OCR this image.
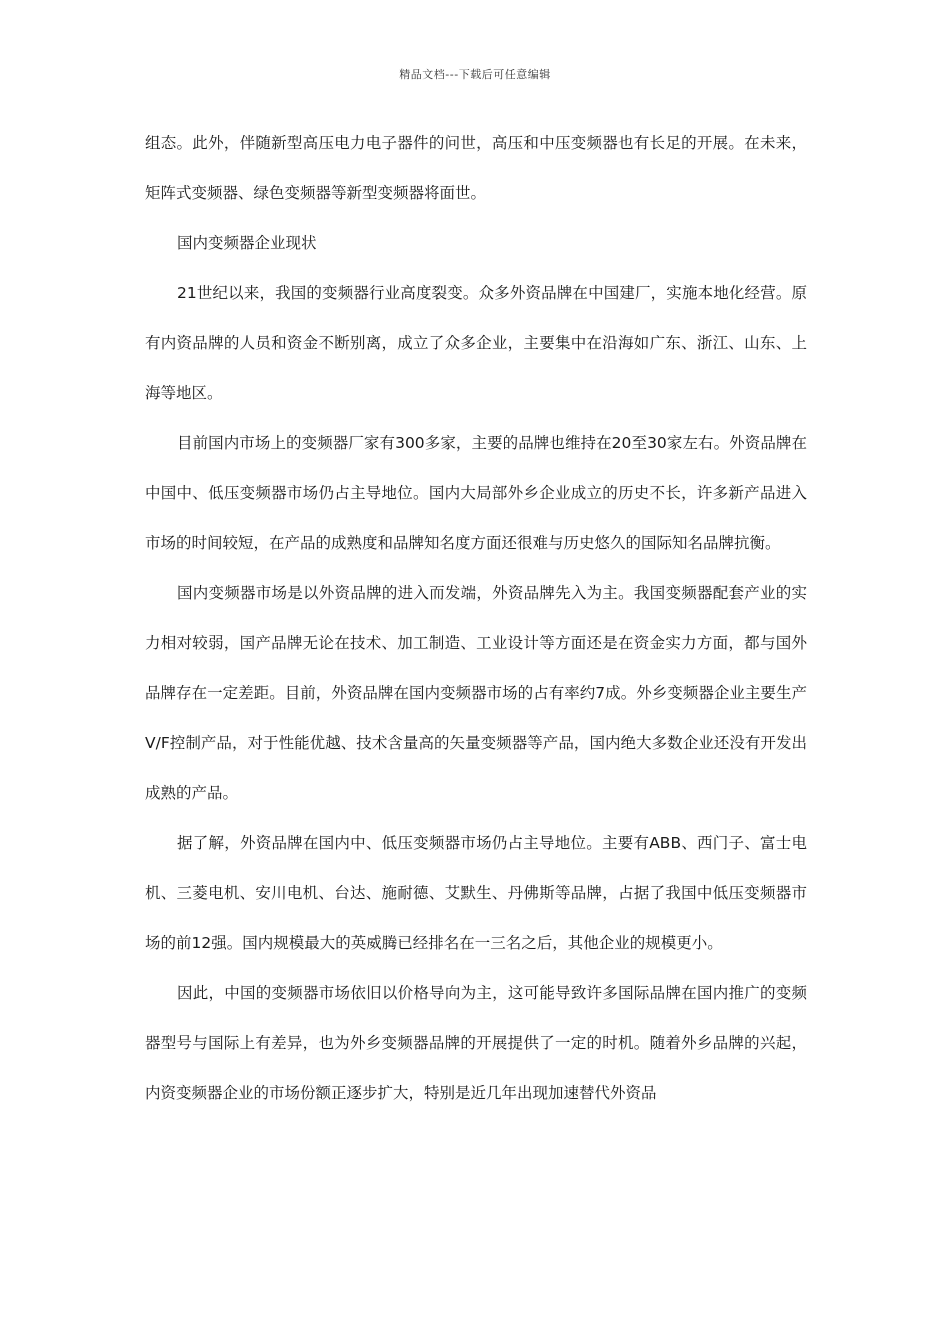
精品文档---下载后可任意编辑

组态。此外，伴随新型高压电力电子器件的问世，高压和中压变频器也有长足的开展。在未来，矩阵式变频器、绿色变频器等新型变频器将面世。

国内变频器企业现状

21世纪以来，我国的变频器行业高度裂变。众多外资品牌在中国建厂，实施本地化经营。原有内资品牌的人员和资金不断别离，成立了众多企业，主要集中在沿海如广东、浙江、山东、上海等地区。

目前国内市场上的变频器厂家有300多家，主要的品牌也维持在20至30家左右。外资品牌在中国中、低压变频器市场仍占主导地位。国内大局部外乡企业成立的历史不长，许多新产品进入市场的时间较短，在产品的成熟度和品牌知名度方面还很难与历史悠久的国际知名品牌抗衡。

国内变频器市场是以外资品牌的进入而发端，外资品牌先入为主。我国变频器配套产业的实力相对较弱，国产品牌无论在技术、加工制造、工业设计等方面还是在资金实力方面，都与国外品牌存在一定差距。目前，外资品牌在国内变频器市场的占有率约7成。外乡变频器企业主要生产V/F控制产品，对于性能优越、技术含量高的矢量变频器等产品，国内绝大多数企业还没有开发出成熟的产品。

据了解，外资品牌在国内中、低压变频器市场仍占主导地位。主要有ABB、西门子、富士电机、三菱电机、安川电机、台达、施耐德、艾默生、丹佛斯等品牌，占据了我国中低压变频器市场的前12强。国内规模最大的英威腾已经排名在一三名之后，其他企业的规模更小。

因此，中国的变频器市场依旧以价格导向为主，这可能导致许多国际品牌在国内推广的变频器型号与国际上有差异，也为外乡变频器品牌的开展提供了一定的时机。随着外乡品牌的兴起，内资变频器企业的市场份额正逐步扩大，特别是近几年出现加速替代外资品
